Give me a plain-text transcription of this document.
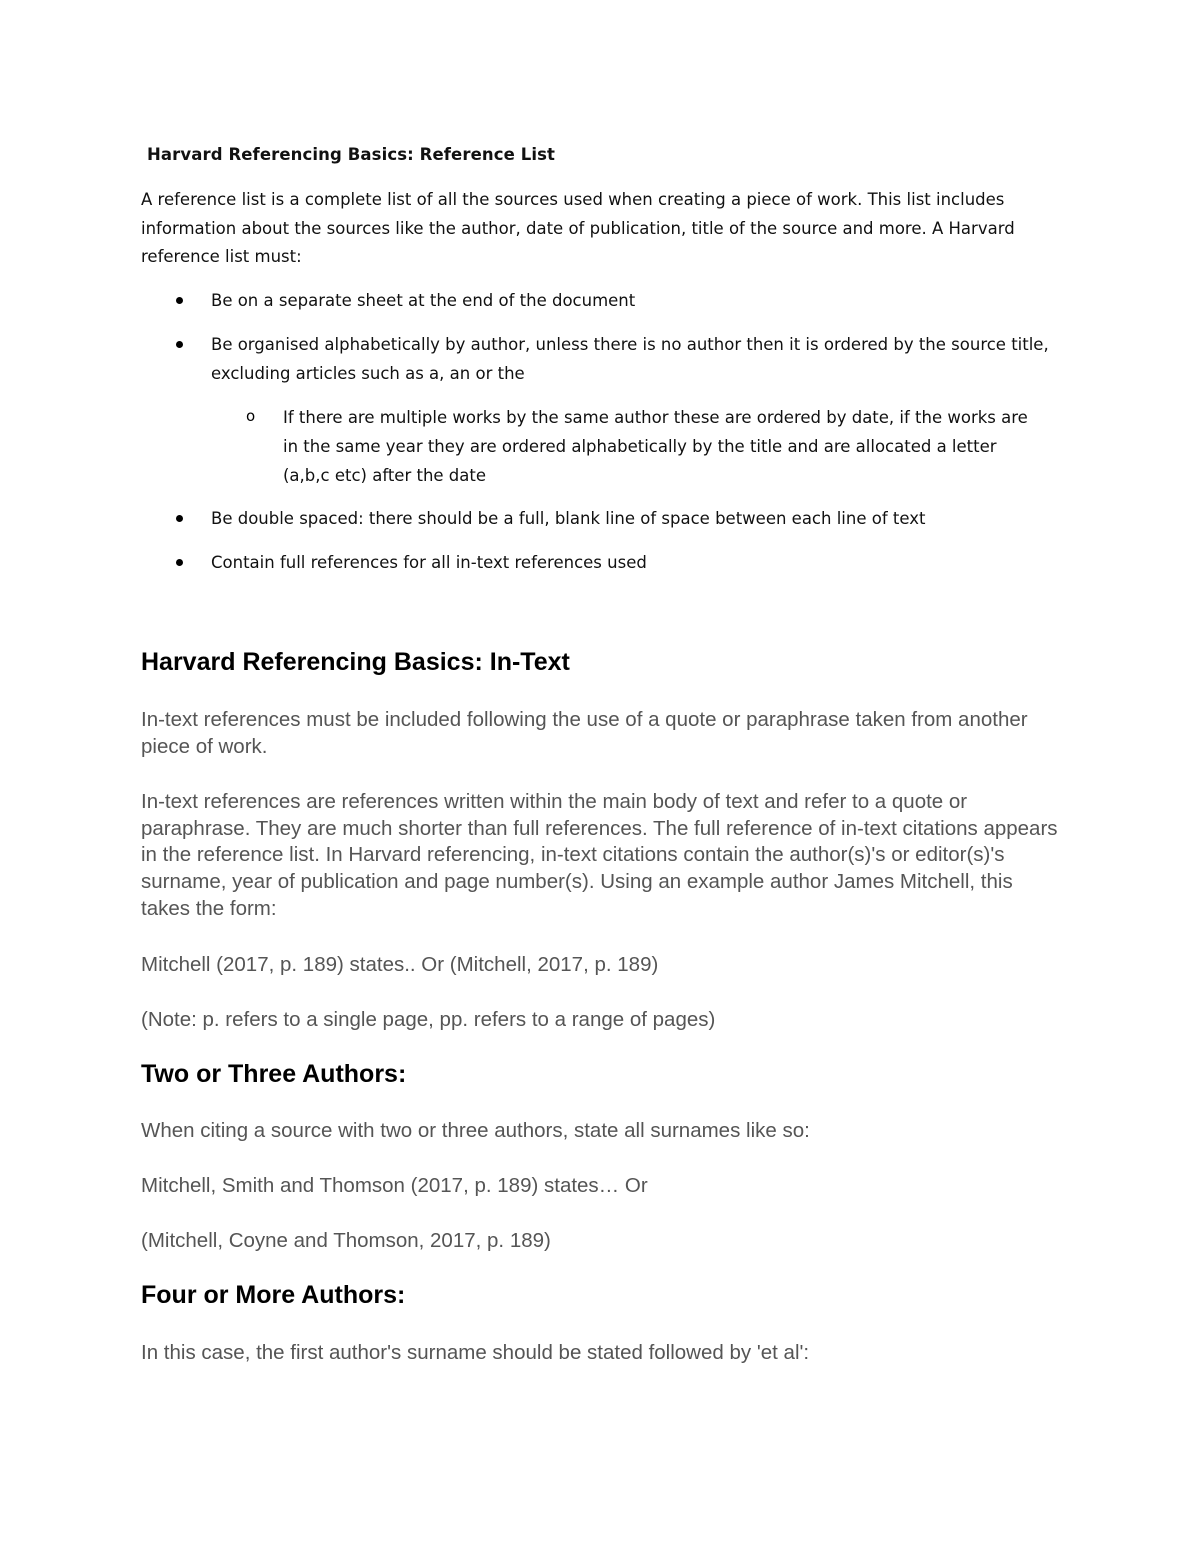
Harvard Referencing Basics: Reference List
A reference list is a complete list of all the sources used when creating a piece of work. This list includes information about the sources like the author, date of publication, title of the source and more. A Harvard reference list must:
Be on a separate sheet at the end of the document
Be organised alphabetically by author, unless there is no author then it is ordered by the source title, excluding articles such as a, an or the
o If there are multiple works by the same author these are ordered by date, if the works are in the same year they are ordered alphabetically by the title and are allocated a letter (a,b,c etc) after the date
Be double spaced: there should be a full, blank line of space between each line of text
Contain full references for all in-text references used
Harvard Referencing Basics: In-Text
In-text references must be included following the use of a quote or paraphrase taken from another piece of work.
In-text references are references written within the main body of text and refer to a quote or paraphrase. They are much shorter than full references. The full reference of in-text citations appears in the reference list. In Harvard referencing, in-text citations contain the author(s)'s or editor(s)'s surname, year of publication and page number(s). Using an example author James Mitchell, this takes the form:
Mitchell (2017, p. 189) states.. Or (Mitchell, 2017, p. 189)
(Note: p. refers to a single page, pp. refers to a range of pages)
Two or Three Authors:
When citing a source with two or three authors, state all surnames like so:
Mitchell, Smith and Thomson (2017, p. 189) states… Or
(Mitchell, Coyne and Thomson, 2017, p. 189)
Four or More Authors:
In this case, the first author's surname should be stated followed by 'et al':
